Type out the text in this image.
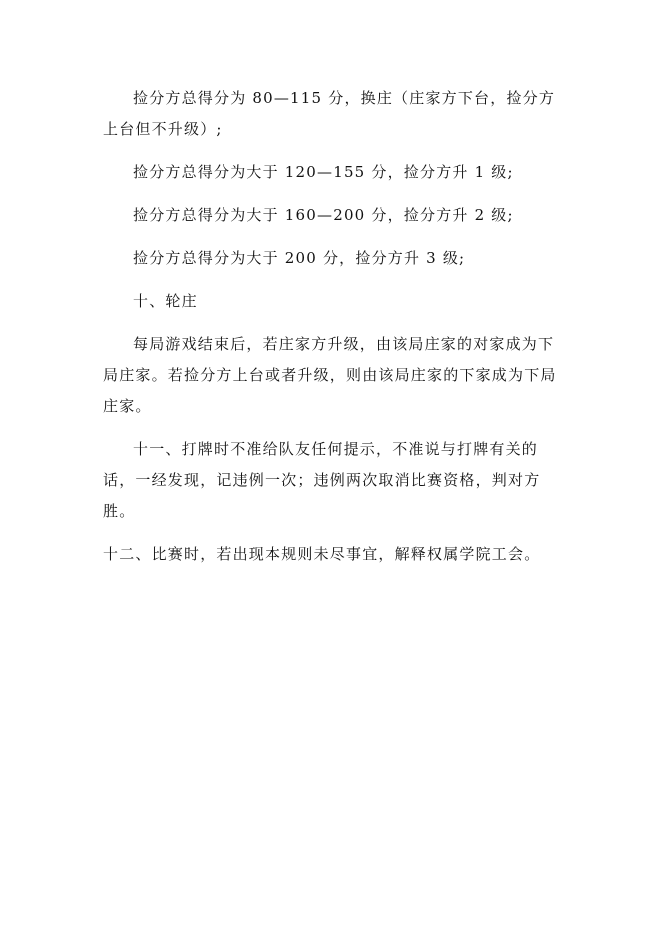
捡分方总得分为 80—115 分，换庄（庄家方下台，捡分方上台但不升级）;

捡分方总得分为大于 120—155 分，捡分方升 1 级;

捡分方总得分为大于 160—200 分，捡分方升 2 级;

捡分方总得分为大于 200 分，捡分方升 3 级;

十、轮庄

每局游戏结束后，若庄家方升级，由该局庄家的对家成为下局庄家。若捡分方上台或者升级，则由该局庄家的下家成为下局庄家。

十一、打牌时不准给队友任何提示，不准说与打牌有关的话，一经发现，记违例一次；违例两次取消比赛资格，判对方胜。

十二、比赛时，若出现本规则未尽事宜，解释权属学院工会。
